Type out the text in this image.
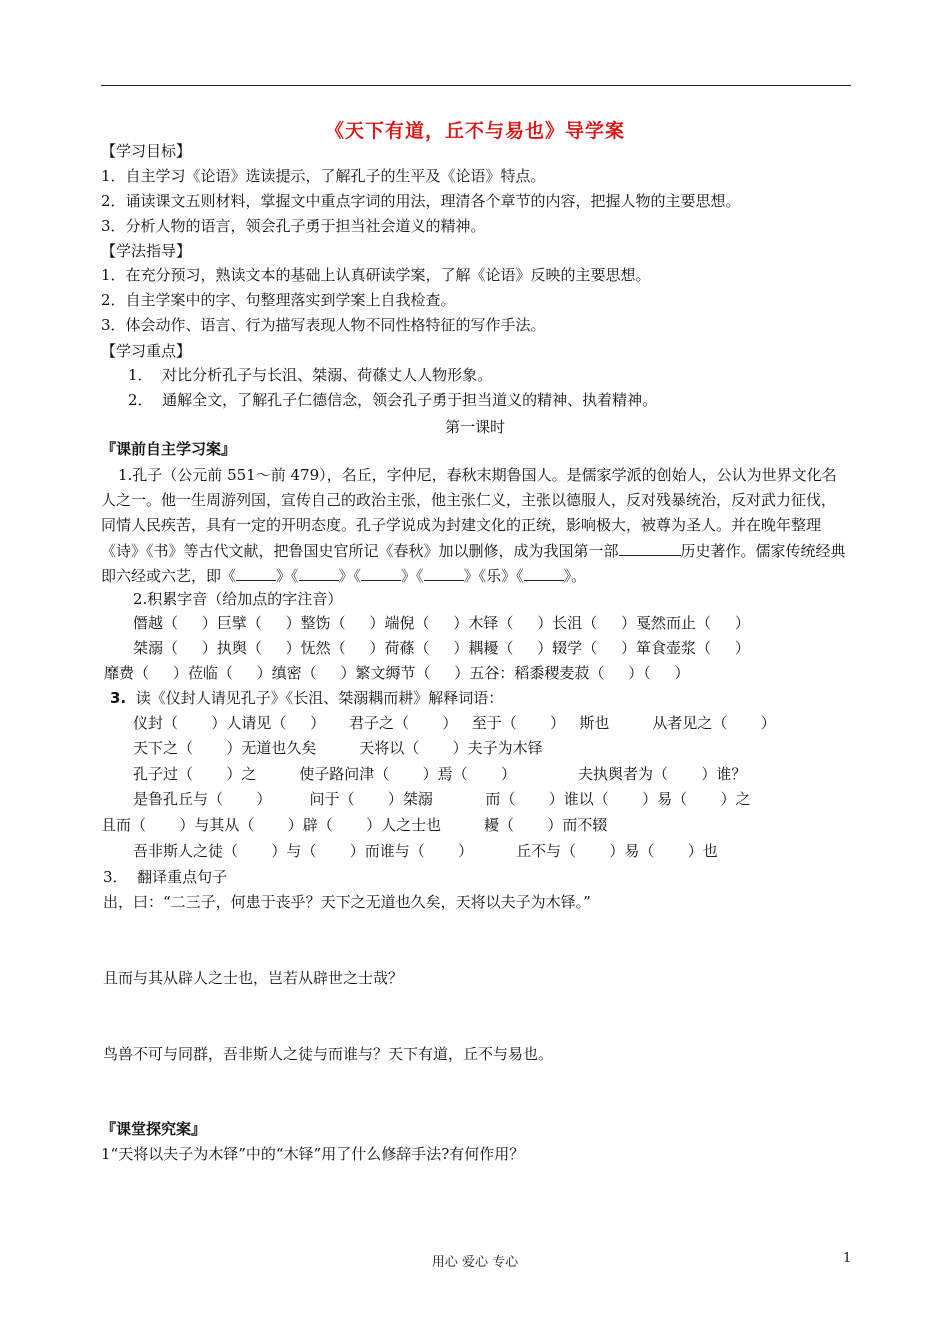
《天下有道，丘不与易也》导学案
【学习目标】
1．自主学习《论语》选读提示，了解孔子的生平及《论语》特点。
2．诵读课文五则材料，掌握文中重点字词的用法，理清各个章节的内容，把握人物的主要思想。
3．分析人物的语言，领会孔子勇于担当社会道义的精神。
【学法指导】
1．在充分预习，熟读文本的基础上认真研读学案，了解《论语》反映的主要思想。
2．自主学案中的字、句整理落实到学案上自我检查。
3．体会动作、语言、行为描写表现人物不同性格特征的写作手法。
【学习重点】
1．  对比分析孔子与长沮、桀溺、荷蓧丈人人物形象。
2．  通解全文，了解孔子仁德信念，领会孔子勇于担当道义的精神、执着精神。
第一课时
『课前自主学习案』
1.孔子（公元前 551～前 479），名丘，字仲尼，春秋末期鲁国人。是儒家学派的创始人，公认为世界文化名
人之一。他一生周游列国，宣传自己的政治主张，他主张仁义，主张以德服人，反对残暴统治，反对武力征伐，
同情人民疾苦，具有一定的开明态度。孔子学说成为封建文化的正统，影响极大，被尊为圣人。并在晚年整理
《诗》《书》等古代文献，把鲁国史官所记《春秋》加以删修，成为我国第一部	历史著作。儒家传统经典
即六经或六艺，即《	》《	》《	》《	》《乐》《	》。
2.积累字音（给加点的字注音）
僭越（     ）巨擘（     ）整饬（     ）端倪（     ）木铎（     ）长沮（     ）戛然而止（     ）
桀溺（     ）执舆（     ）怃然（     ）荷蓧（     ）耦耰（     ）辍学（     ）箪食壶浆（     ）
靡费（     ）莅临（     ）缜密（     ）繁文缛节（     ）五谷：稻黍稷麦菽（     ）（     ）
3. 读《仪封人请见孔子》《长沮、桀溺耦而耕》解释词语：
仪封（       ）人请见（     ）     君子之（       ）   至于（       ）   斯也         从者见之（       ）
天下之（       ）无道也久矣         天将以（       ）夫子为木铎
孔子过（       ）之         使子路问津（       ）焉（       ）             夫执舆者为（       ）谁？
是鲁孔丘与（       ）        问于（       ）桀溺           而（       ）谁以（       ）易（       ）之
且而（       ）与其从（       ）辟（       ）人之士也         耰（       ）而不辍
吾非斯人之徒（       ）与（       ）而谁与（       ）         丘不与（       ）易（       ）也
3．  翻译重点句子
出，曰：“二三子，何患于丧乎？天下之无道也久矣，天将以夫子为木铎。”
且而与其从辟人之士也，岂若从辟世之士哉？
鸟兽不可与同群，吾非斯人之徒与而谁与？天下有道，丘不与易也。
『课堂探究案』
1“天将以夫子为木铎”中的“木铎”用了什么修辞手法?有何作用？
用心 爱心 专心	1
